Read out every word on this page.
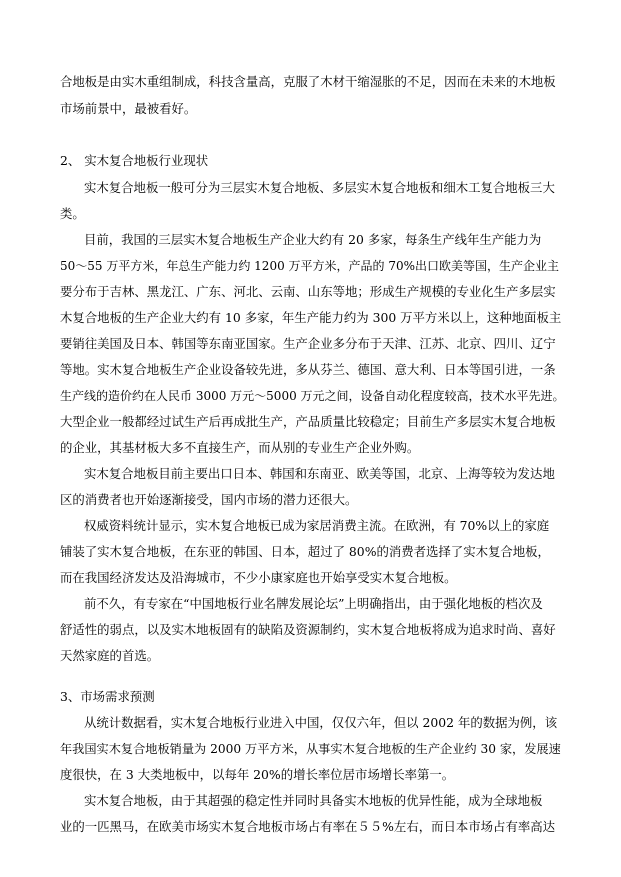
合地板是由实木重组制成，科技含量高，克服了木材干缩湿胀的不足，因而在未来的木地板
市场前景中，最被看好。
2、 实木复合地板行业现状
实木复合地板一般可分为三层实木复合地板、多层实木复合地板和细木工复合地板三大
类。
目前，我国的三层实木复合地板生产企业大约有 20 多家，每条生产线年生产能力为
50～55 万平方米，年总生产能力约 1200 万平方米，产品的 70%出口欧美等国，生产企业主
要分布于吉林、黑龙江、广东、河北、云南、山东等地；形成生产规模的专业化生产多层实
木复合地板的生产企业大约有 10 多家，年生产能力约为 300 万平方米以上，这种地面板主
要销往美国及日本、韩国等东南亚国家。生产企业多分布于天津、江苏、北京、四川、辽宁
等地。实木复合地板生产企业设备较先进，多从芬兰、德国、意大利、日本等国引进，一条
生产线的造价约在人民币 3000 万元～5000 万元之间，设备自动化程度较高，技术水平先进。
大型企业一般都经过试生产后再成批生产，产品质量比较稳定；目前生产多层实木复合地板
的企业，其基材板大多不直接生产，而从别的专业生产企业外购。
实木复合地板目前主要出口日本、韩国和东南亚、欧美等国，北京、上海等较为发达地
区的消费者也开始逐渐接受，国内市场的潜力还很大。
权威资料统计显示，实木复合地板已成为家居消费主流。在欧洲，有 70%以上的家庭
铺装了实木复合地板，在东亚的韩国、日本，超过了 80%的消费者选择了实木复合地板，
而在我国经济发达及沿海城市，不少小康家庭也开始享受实木复合地板。
前不久，有专家在“中国地板行业名牌发展论坛”上明确指出，由于强化地板的档次及
舒适性的弱点，以及实木地板固有的缺陷及资源制约，实木复合地板将成为追求时尚、喜好
天然家庭的首选。
3、市场需求预测
从统计数据看，实木复合地板行业进入中国，仅仅六年，但以 2002 年的数据为例，该
年我国实木复合地板销量为 2000 万平方米，从事实木复合地板的生产企业约 30 家，发展速
度很快，在 3 大类地板中，以每年 20%的增长率位居市场增长率第一。
实木复合地板，由于其超强的稳定性并同时具备实木地板的优异性能，成为全球地板
业的一匹黑马，在欧美市场实木复合地板市场占有率在５５%左右，而日本市场占有率高达
